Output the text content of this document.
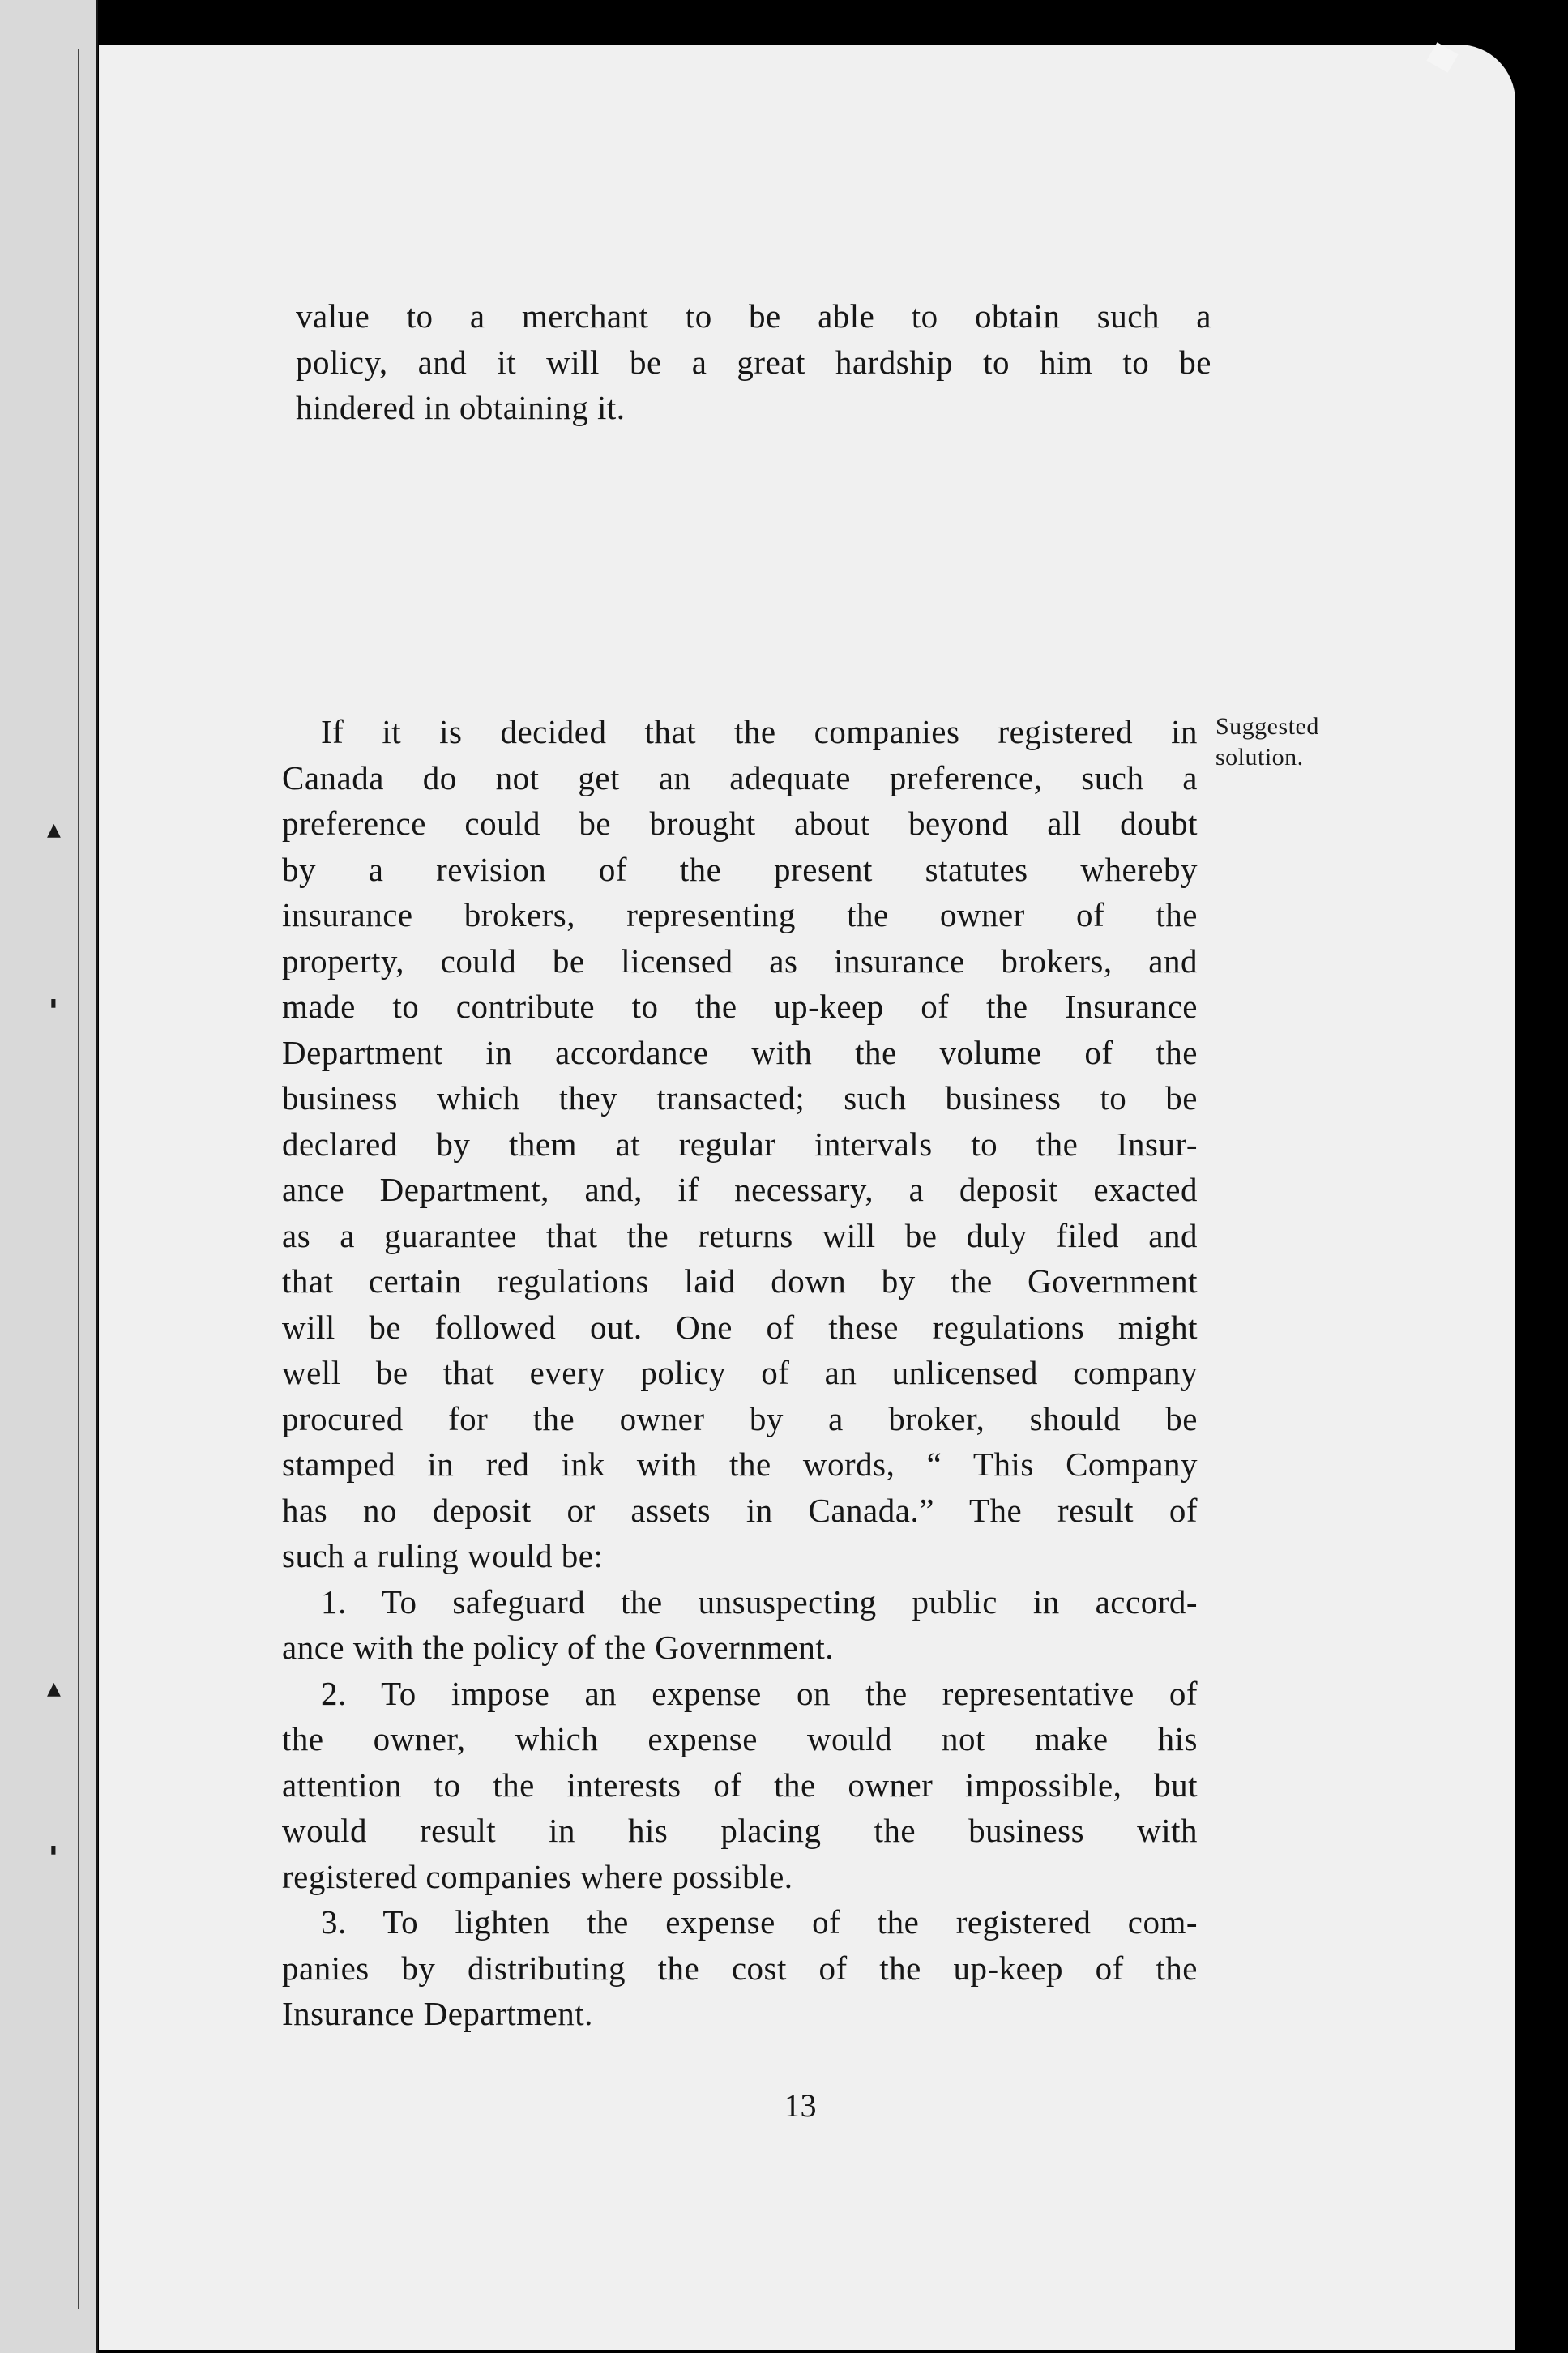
▲
▮
▲
▮
value to a merchant to be able to obtain such a
policy, and it will be a great hardship to him to be
hindered in obtaining it.
Suggested
solution.
If it is decided that the companies registered in
Canada do not get an adequate preference, such a
preference could be brought about beyond all doubt
by a revision of the present statutes whereby
insurance brokers, representing the owner of the
property, could be licensed as insurance brokers, and
made to contribute to the up-keep of the Insurance
Department in accordance with the volume of the
business which they transacted; such business to be
declared by them at regular intervals to the Insur-
ance Department, and, if necessary, a deposit exacted
as a guarantee that the returns will be duly filed and
that certain regulations laid down by the Government
will be followed out. One of these regulations might
well be that every policy of an unlicensed company
procured for the owner by a broker, should be
stamped in red ink with the words, “ This Company
has no deposit or assets in Canada.” The result of
such a ruling would be:
1. To safeguard the unsuspecting public in accord-
ance with the policy of the Government.
2. To impose an expense on the representative of
the owner, which expense would not make his
attention to the interests of the owner impossible, but
would result in his placing the business with
registered companies where possible.
3. To lighten the expense of the registered com-
panies by distributing the cost of the up-keep of the
Insurance Department.
13
